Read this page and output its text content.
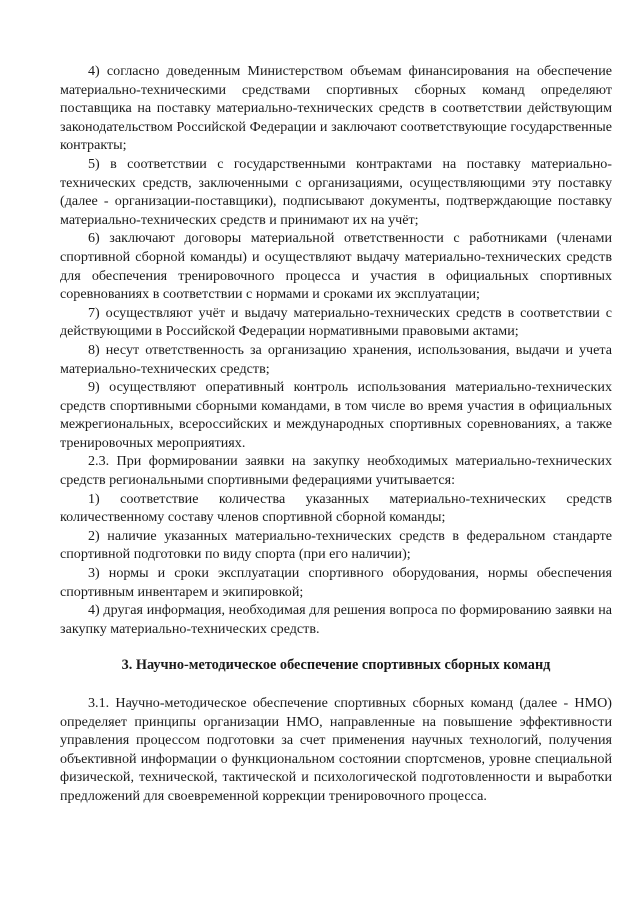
4) согласно доведенным Министерством объемам финансирования на обеспечение материально-техническими средствами спортивных сборных команд определяют поставщика на поставку материально-технических средств в соответствии действующим законодательством Российской Федерации и заключают соответствующие государственные контракты;

5) в соответствии с государственными контрактами на поставку материально-технических средств, заключенными с организациями, осуществляющими эту поставку (далее - организации-поставщики), подписывают документы, подтверждающие поставку материально-технических средств и принимают их на учёт;

6) заключают договоры материальной ответственности с работниками (членами спортивной сборной команды) и осуществляют выдачу материально-технических средств для обеспечения тренировочного процесса и участия в официальных спортивных соревнованиях в соответствии с нормами и сроками их эксплуатации;

7) осуществляют учёт и выдачу материально-технических средств в соответствии с действующими в Российской Федерации нормативными правовыми актами;

8) несут ответственность за организацию хранения, использования, выдачи и учета материально-технических средств;

9) осуществляют оперативный контроль использования материально-технических средств спортивными сборными командами, в том числе во время участия в официальных межрегиональных, всероссийских и международных спортивных соревнованиях, а также тренировочных мероприятиях.

2.3. При формировании заявки на закупку необходимых материально-технических средств региональными спортивными федерациями учитывается:

1) соответствие количества указанных материально-технических средств количественному составу членов спортивной сборной команды;

2) наличие указанных материально-технических средств в федеральном стандарте спортивной подготовки по виду спорта (при его наличии);

3) нормы и сроки эксплуатации спортивного оборудования, нормы обеспечения спортивным инвентарем и экипировкой;

4) другая информация, необходимая для решения вопроса по формированию заявки на закупку материально-технических средств.

3. Научно-методическое обеспечение спортивных сборных команд

3.1. Научно-методическое обеспечение спортивных сборных команд (далее - НМО) определяет принципы организации НМО, направленные на повышение эффективности управления процессом подготовки за счет применения научных технологий, получения объективной информации о функциональном состоянии спортсменов, уровне специальной физической, технической, тактической и психологической подготовленности и выработки предложений для своевременной коррекции тренировочного процесса.
